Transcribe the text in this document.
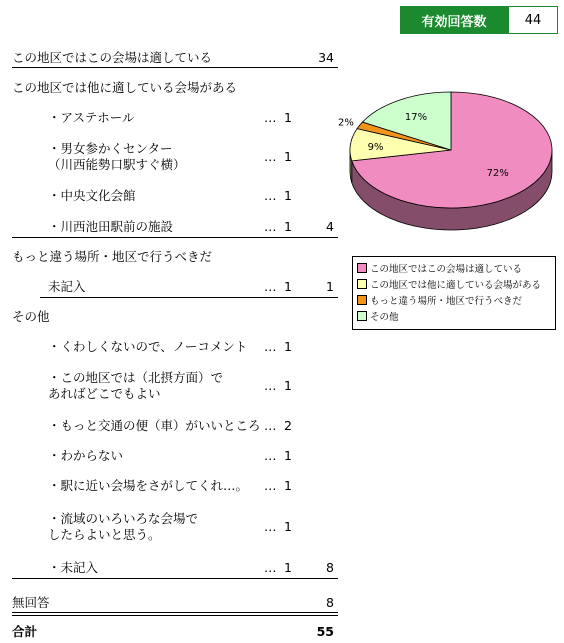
有効回答数	44
この地区ではこの会場は適している	34
この地区では他に適している会場がある
・アステホール	… 1
・男女参かくセンター
（川西能勢口駅すぐ横）
… 1
・中央文化会館	… 1
・川西池田駅前の施設	… 1	4
もっと違う場所・地区で行うべきだ
未記入	… 1	1
その他
・くわしくないので、ノーコメント … 1
・この地区では（北摂方面）で
あればどこでもよい
… 1
・もっと交通の便（車）がいいところ … 2
・わからない	… 1
・駅に近い会場をさがしてくれ…。 … 1
・流域のいろいろな会場で
したらよいと思う。
… 1
・未記入	… 1	8
無回答	8
合計	55
72%
9%
2%
17%
この地区ではこの会場は適している
この地区では他に適している会場がある
もっと違う場所・地区で行うべきだ
その他
